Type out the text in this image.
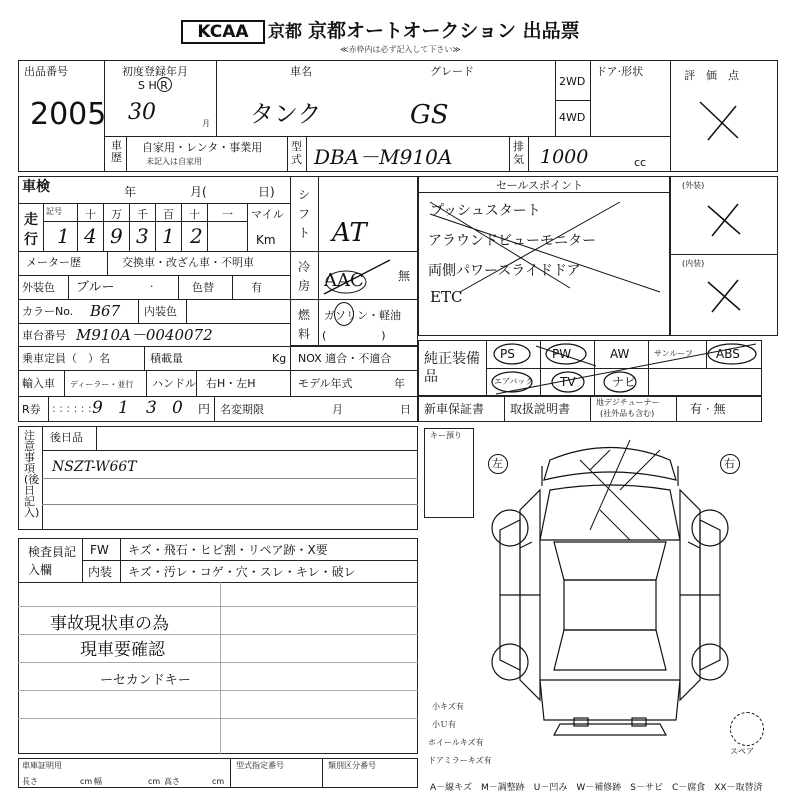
KCAA	京都 京都オートオークション 出品票
≪赤枠内は必ず記入して下さい≫
出品番号
2005
初度登録年月
S H R
30	月
車名
タンク
グレード
GS
2WD
4WD
ドア·形状	評　価　点
車歴
自家用・レンタ・事業用
未記入は自家用
型式 DBA－M910A	排気 1000	cc
車検	年	月(	日)
走行
記号 十 万 千 百 十 一
1 4 9 3 1 2
マイル
Km
シフト AT
メーター歴	交換車・改ざん車・不明車	冷房 AAC	無
外装色 ブルー	·	色替	有
カラーNo. B67 内装色	燃料
ガソリン・軽油
(　　　　　)
車台番号 M910A－0040072
乗車定員（　）名	積載量	Kg NOX 適合・不適合
輸入車 ディーラー・並行 ハンドル 右H・左H	モデル年式	年
R券 : : : : : : 9 1 3 0 円 名変期限	月	日
セールスポイント
プッシュスタート
アラウンドビューモニター
両側パワースライドドア
ETC
(外装)
(内装)
純正装備品
PS	PW	AW	サンルーフ ABS
エアバック TV	ナビ
新車保証書 取扱説明書	地デジチューナー
(社外品も含む)	有 · 無
注意事項(後日記入)
後日品
NSZT-W66T
キー預り
左	右
小キズ有
小Ｕ有
ホイールキズ有
ドアミラーキズ有
スペア
検査員記入欄
FW キズ・飛石・ヒビ割・リペア跡・X要
内装 キズ・汚レ・コゲ・穴・スレ・キレ・破レ
事故現状車の為
現車要確認
ーセカンドキー
車庫証明用
長さ	cm 幅	cm 高さ	cm
型式指定番号	類別区分番号
A－線キズ　M－調整跡　U－凹み　W－補修跡　S－サビ　C－腐食　XX－取替済
